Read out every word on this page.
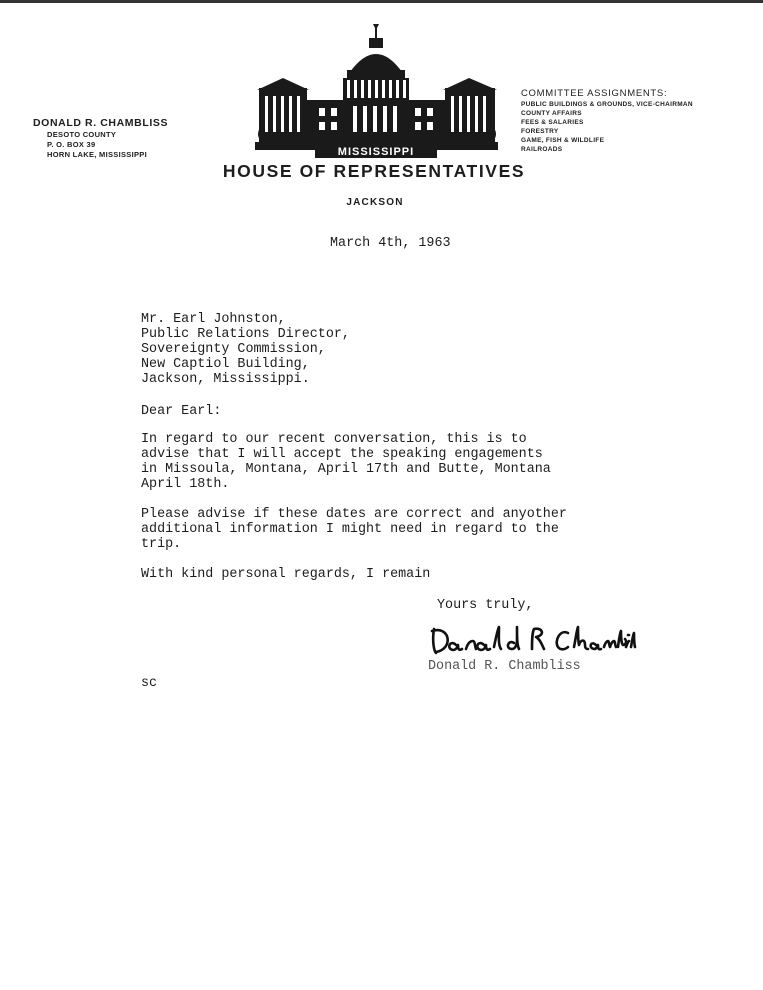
DONALD R. CHAMBLISS
DESOTO COUNTY
P. O. BOX 39
HORN LAKE, MISSISSIPPI	MISSISSIPPI
HOUSE OF REPRESENTATIVES
JACKSON
COMMITTEE ASSIGNMENTS:
PUBLIC BUILDINGS & GROUNDS, VICE-CHAIRMAN
COUNTY AFFAIRS
FEES & SALARIES
FORESTRY
GAME, FISH & WILDLIFE
RAILROADS
March 4th, 1963
Mr. Earl Johnston,
Public Relations Director,
Sovereignty Commission,
New Captiol Building,
Jackson, Mississippi.
Dear Earl:
In regard to our recent conversation, this is to
advise that I will accept the speaking engagements
in Missoula, Montana, April 17th and Butte, Montana
April 18th.
Please advise if these dates are correct and anyother
additional information I might need in regard to the
trip.
With kind personal regards, I remain
Yours truly,
Donald R. Chambliss
sc
